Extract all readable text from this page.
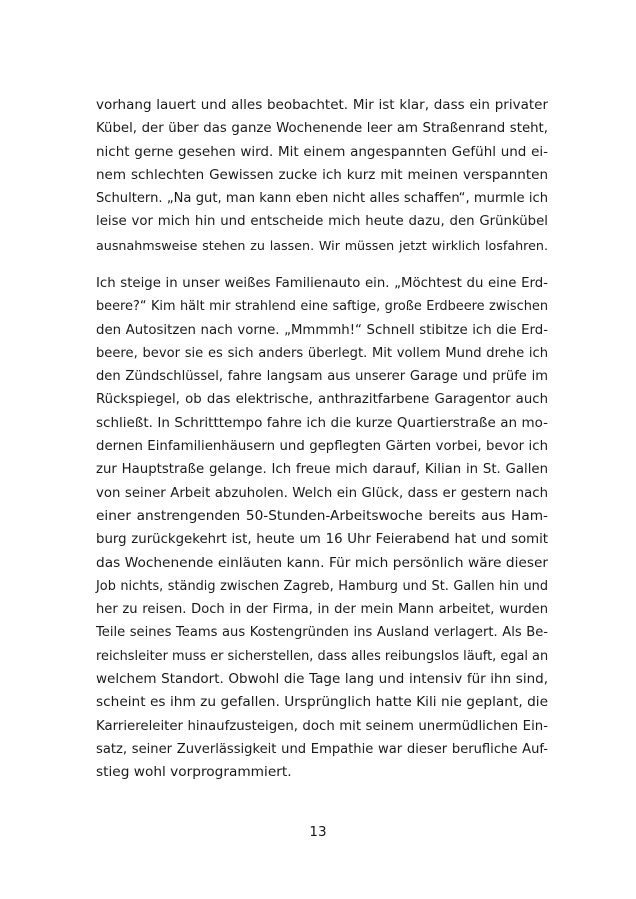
vorhang lauert und alles beobachtet. Mir ist klar, dass ein privater
Kübel, der über das ganze Wochenende leer am Straßenrand steht,
nicht gerne gesehen wird. Mit einem angespannten Gefühl und ei-
nem schlechten Gewissen zucke ich kurz mit meinen verspannten
Schultern. „Na gut, man kann eben nicht alles schaffen“, murmle ich
leise vor mich hin und entscheide mich heute dazu, den Grünkübel
ausnahmsweise stehen zu lassen. Wir müssen jetzt wirklich losfahren.
Ich steige in unser weißes Familienauto ein. „Möchtest du eine Erd-
beere?“ Kim hält mir strahlend eine saftige, große Erdbeere zwischen
den Autositzen nach vorne. „Mmmmh!“ Schnell stibitze ich die Erd-
beere, bevor sie es sich anders überlegt. Mit vollem Mund drehe ich
den Zündschlüssel, fahre langsam aus unserer Garage und prüfe im
Rückspiegel, ob das elektrische, anthrazitfarbene Garagentor auch
schließt. In Schritttempo fahre ich die kurze Quartierstraße an mo-
dernen Einfamilienhäusern und gepflegten Gärten vorbei, bevor ich
zur Hauptstraße gelange. Ich freue mich darauf, Kilian in St. Gallen
von seiner Arbeit abzuholen. Welch ein Glück, dass er gestern nach
einer anstrengenden 50-Stunden-Arbeitswoche bereits aus Ham-
burg zurückgekehrt ist, heute um 16 Uhr Feierabend hat und somit
das Wochenende einläuten kann. Für mich persönlich wäre dieser
Job nichts, ständig zwischen Zagreb, Hamburg und St. Gallen hin und
her zu reisen. Doch in der Firma, in der mein Mann arbeitet, wurden
Teile seines Teams aus Kostengründen ins Ausland verlagert. Als Be-
reichsleiter muss er sicherstellen, dass alles reibungslos läuft, egal an
welchem Standort. Obwohl die Tage lang und intensiv für ihn sind,
scheint es ihm zu gefallen. Ursprünglich hatte Kili nie geplant, die
Karriereleiter hinaufzusteigen, doch mit seinem unermüdlichen Ein-
satz, seiner Zuverlässigkeit und Empathie war dieser berufliche Auf-
stieg wohl vorprogrammiert.
13
